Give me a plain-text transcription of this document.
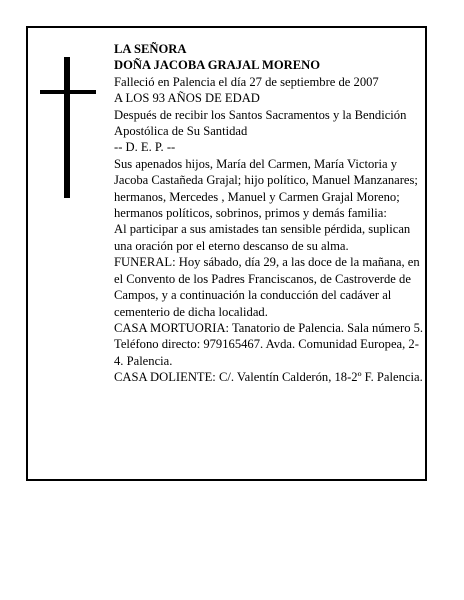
LA SEÑORA

DOÑA JACOBA GRAJAL MORENO

Falleció en Palencia el día 27 de septiembre de 2007

A LOS 93 AÑOS DE EDAD

Después de recibir los Santos Sacramentos y la Bendición Apostólica de Su Santidad

-- D. E. P. --

Sus apenados hijos, María del Carmen, María Victoria y Jacoba Castañeda Grajal; hijo político, Manuel Manzanares; hermanos, Mercedes , Manuel y Carmen Grajal Moreno; hermanos políticos, sobrinos, primos y demás familia:

Al participar a sus amistades tan sensible pérdida, suplican una oración por el eterno descanso de su alma.

FUNERAL: Hoy sábado, día 29, a las doce de la mañana, en el Convento de los Padres Franciscanos, de Castroverde de Campos, y a continuación la conducción del cadáver al cementerio de dicha localidad.

CASA MORTUORIA: Tanatorio de Palencia. Sala número 5. Teléfono directo: 979165467. Avda. Comunidad Europea, 2-4. Palencia.

CASA DOLIENTE: C/. Valentín Calderón, 18-2º F. Palencia.
